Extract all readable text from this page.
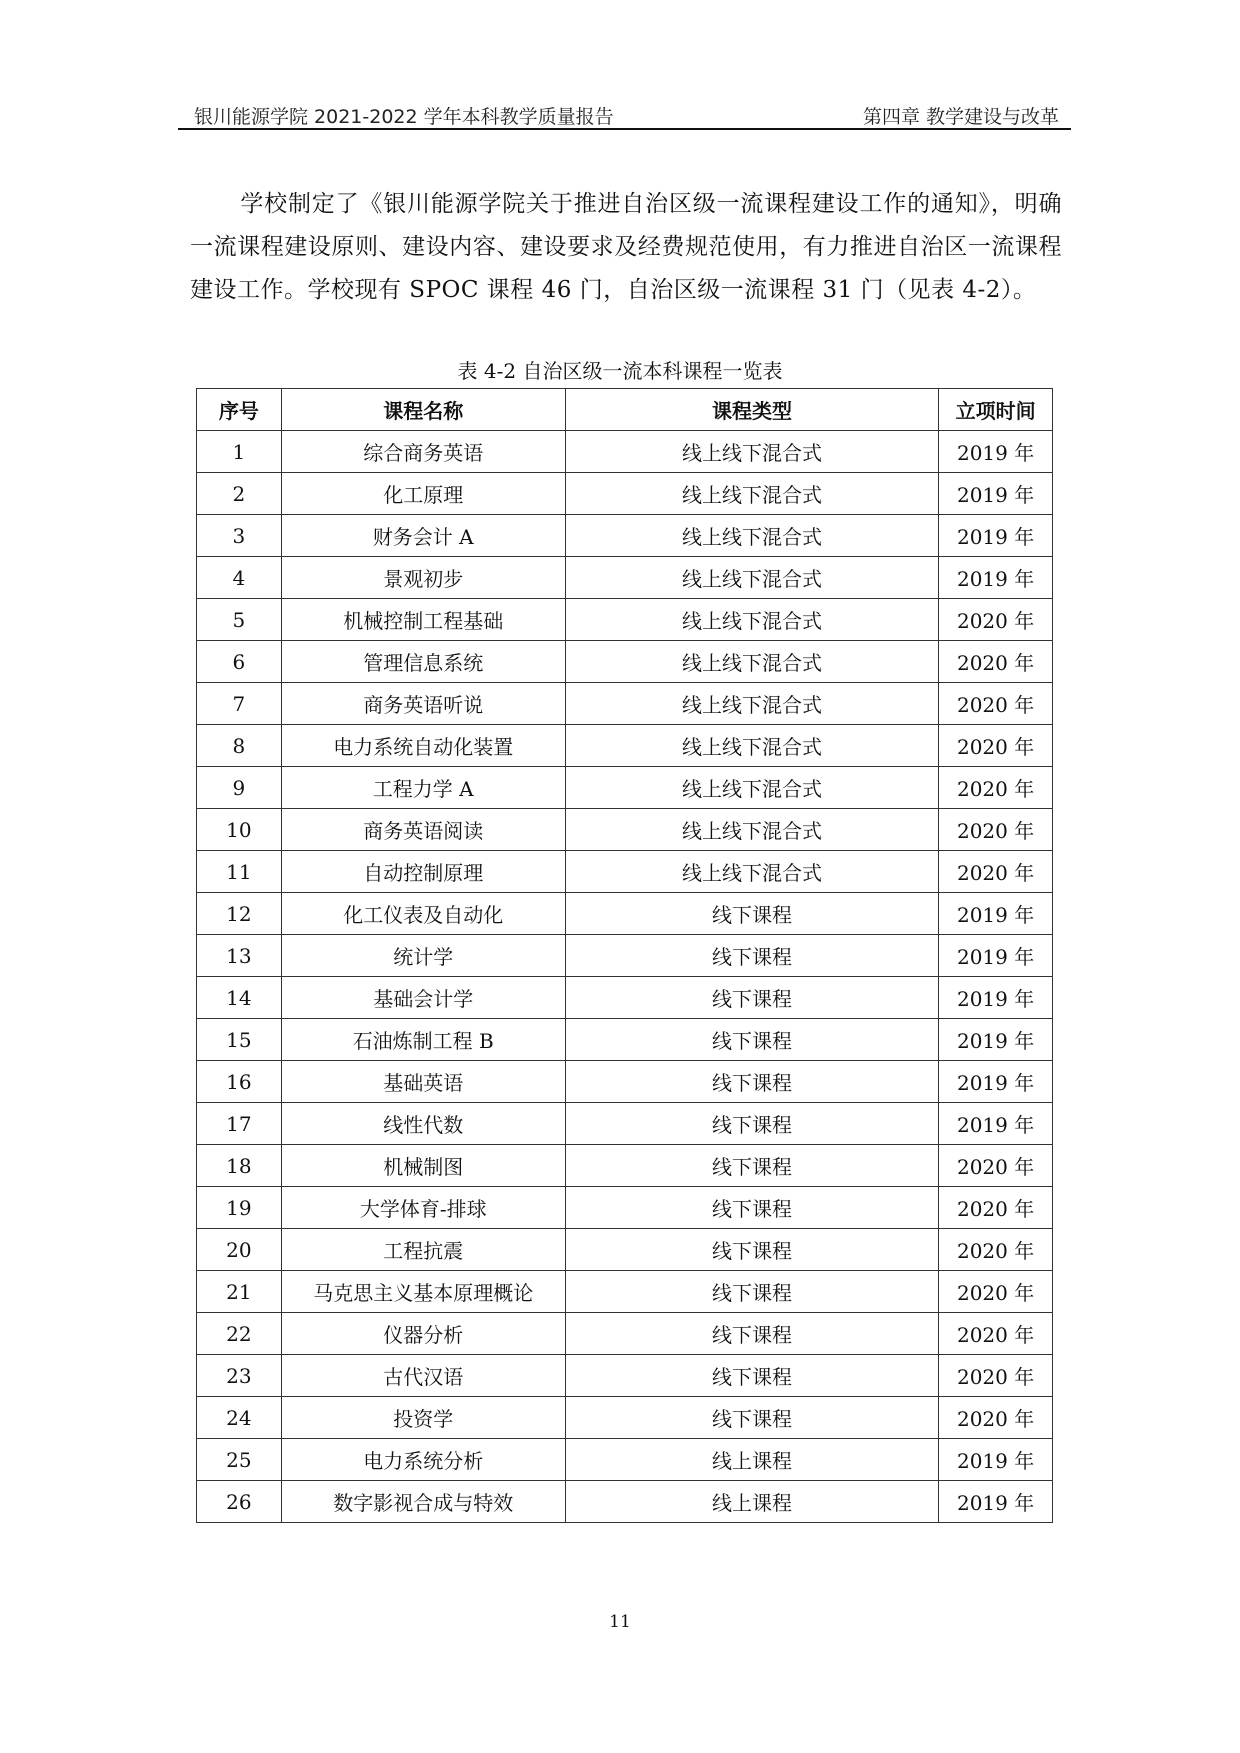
银川能源学院 2021-2022 学年本科教学质量报告	第四章 教学建设与改革
学校制定了《银川能源学院关于推进自治区级一流课程建设工作的通知》，明确一流课程建设原则、建设内容、建设要求及经费规范使用，有力推进自治区一流课程建设工作。学校现有 SPOC 课程 46 门，自治区级一流课程 31 门（见表 4-2）。
表 4-2 自治区级一流本科课程一览表
序号	课程名称	课程类型	立项时间
1	综合商务英语	线上线下混合式	2019 年
2	化工原理	线上线下混合式	2019 年
3	财务会计 A	线上线下混合式	2019 年
4	景观初步	线上线下混合式	2019 年
5	机械控制工程基础	线上线下混合式	2020 年
6	管理信息系统	线上线下混合式	2020 年
7	商务英语听说	线上线下混合式	2020 年
8	电力系统自动化装置	线上线下混合式	2020 年
9	工程力学 A	线上线下混合式	2020 年
10	商务英语阅读	线上线下混合式	2020 年
11	自动控制原理	线上线下混合式	2020 年
12	化工仪表及自动化	线下课程	2019 年
13	统计学	线下课程	2019 年
14	基础会计学	线下课程	2019 年
15	石油炼制工程 B	线下课程	2019 年
16	基础英语	线下课程	2019 年
17	线性代数	线下课程	2019 年
18	机械制图	线下课程	2020 年
19	大学体育-排球	线下课程	2020 年
20	工程抗震	线下课程	2020 年
21	马克思主义基本原理概论	线下课程	2020 年
22	仪器分析	线下课程	2020 年
23	古代汉语	线下课程	2020 年
24	投资学	线下课程	2020 年
25	电力系统分析	线上课程	2019 年
26	数字影视合成与特效	线上课程	2019 年
11
